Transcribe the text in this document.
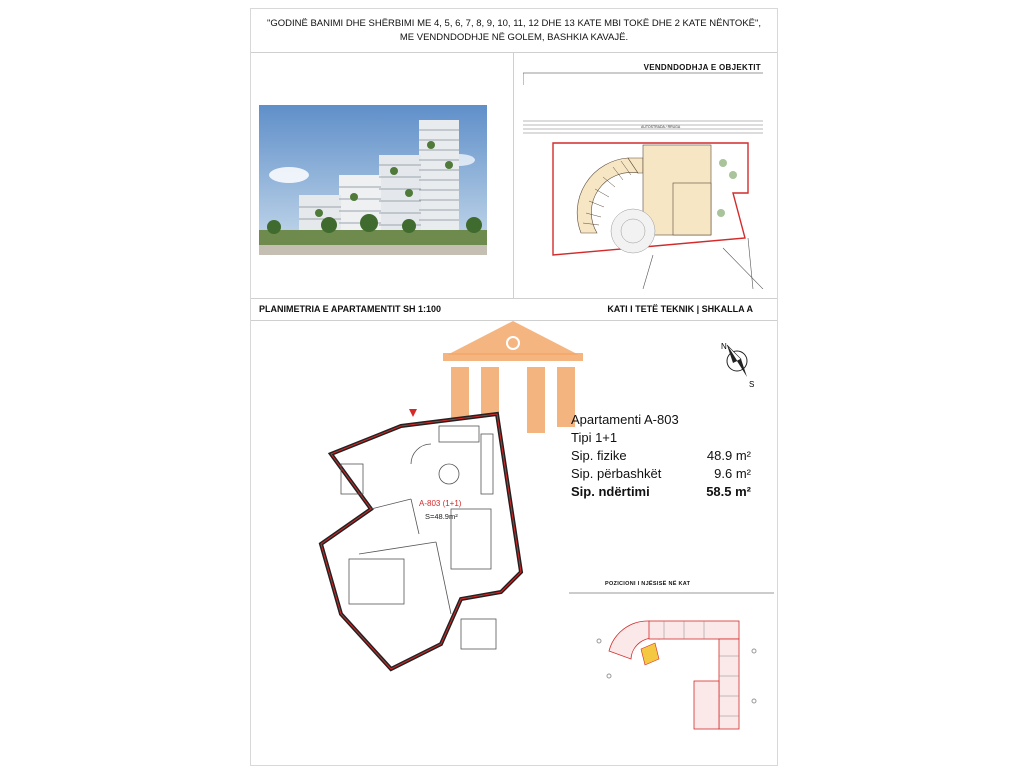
"GODINË BANIMI DHE SHËRBIMI ME 4, 5, 6, 7, 8, 9, 10, 11, 12 DHE 13 KATE MBI TOKË DHE 2 KATE NËNTOKË",
ME VENDNDODHJE NË GOLEM, BASHKIA KAVAJË.
VENDNDODHJA E OBJEKTIT
AUTOSTRADA / RRUGA
PLANIMETRIA E APARTAMENTIT SH 1:100	KATI I TETË TEKNIK | SHKALLA A
N
S
Apartamenti A-803
Tipi 1+1
Sip. fizike	48.9 m²
Sip. përbashkët	9.6 m²
Sip. ndërtimi	58.5 m²
A-803 (1+1)
S=48.9m²
POZICIONI I NJËSISË NË KAT
